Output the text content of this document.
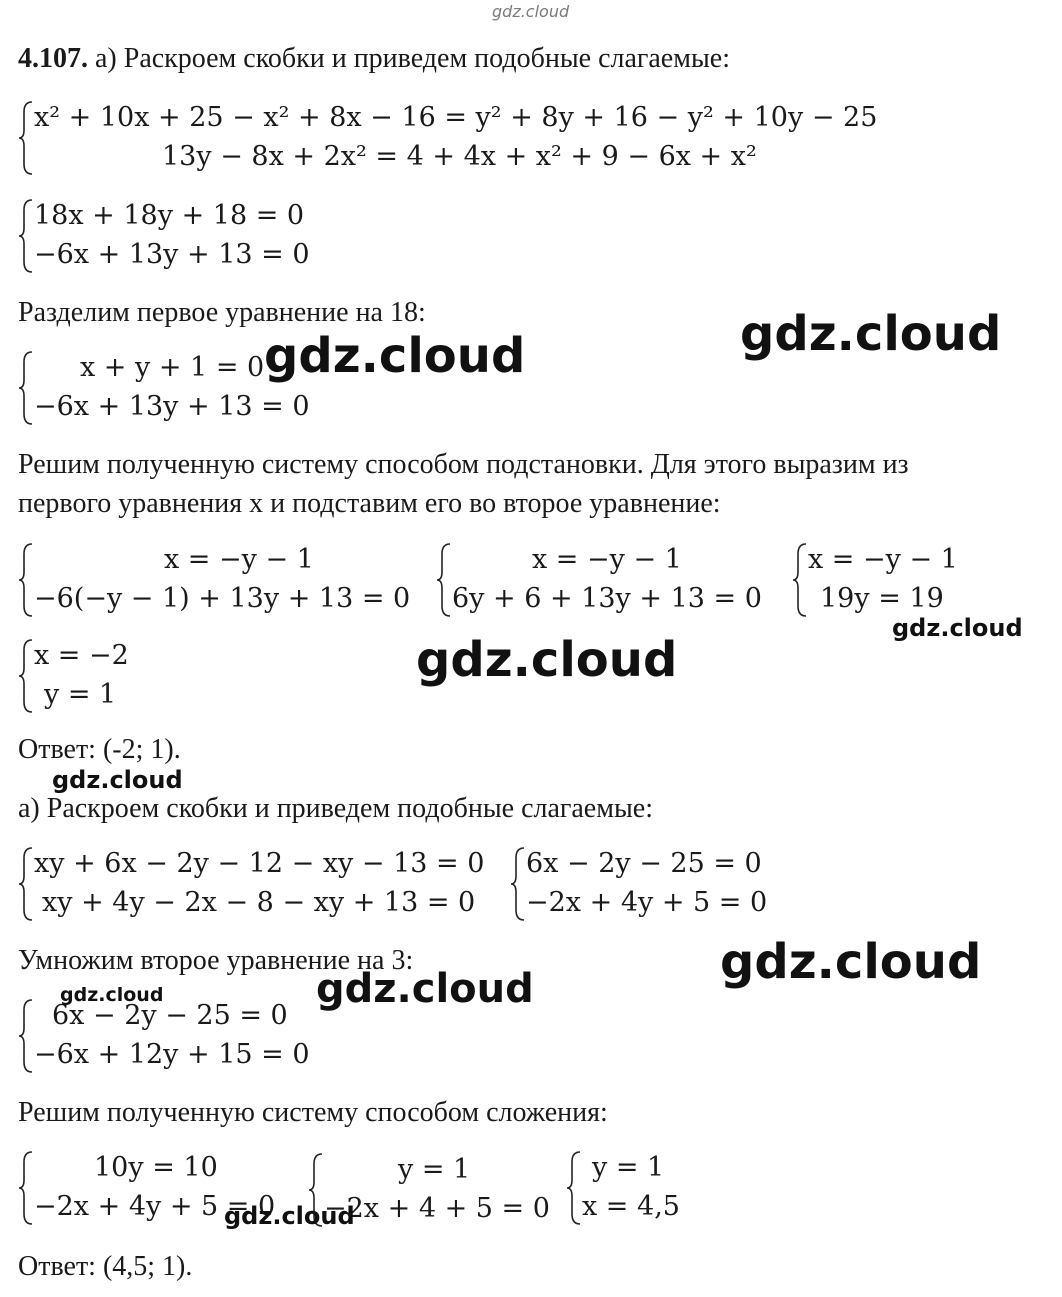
gdz.cloud
4.107. а) Раскроем скобки и приведем подобные слагаемые:
x² + 10x + 25 − x² + 8x − 16 = y² + 8y + 16 − y² + 10y − 25
13y − 8x + 2x² = 4 + 4x + x² + 9 − 6x + x²
18x + 18y + 18 = 0
−6x + 13y + 13 = 0
Разделим первое уравнение на 18:
x + y + 1 = 0
−6x + 13y + 13 = 0
Решим полученную систему способом подстановки. Для этого выразим из
первого уравнения x и подставим его во второе уравнение:
x = −y − 1
−6(−y − 1) + 13y + 13 = 0
x = −y − 1
6y + 6 + 13y + 13 = 0
x = −y − 1
19y = 19
x = −2
y = 1
Ответ: (-2; 1).
а) Раскроем скобки и приведем подобные слагаемые:
xy + 6x − 2y − 12 − xy − 13 = 0
xy + 4y − 2x − 8 − xy + 13 = 0
6x − 2y − 25 = 0
−2x + 4y + 5 = 0
Умножим второе уравнение на 3:
6x − 2y − 25 = 0
−6x + 12y + 15 = 0
Решим полученную систему способом сложения:
10y = 10
−2x + 4y + 5 = 0
y = 1
−2x + 4 + 5 = 0
y = 1
x = 4,5
Ответ: (4,5; 1).
gdz.cloud
gdz.cloud
gdz.cloud
gdz.cloud
gdz.cloud
gdz.cloud
gdz.cloud
gdz.cloud
gdz.cloud
